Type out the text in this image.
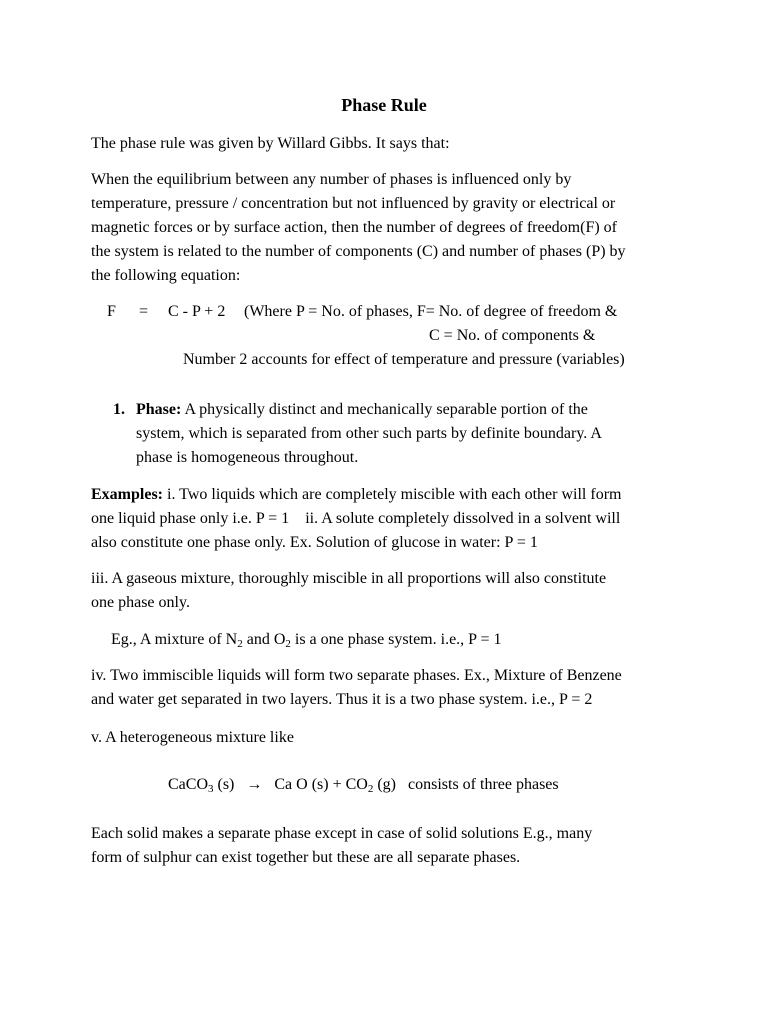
Phase Rule

The phase rule was given by Willard Gibbs. It says that:

When the equilibrium between any number of phases is influenced only by
temperature, pressure / concentration but not influenced by gravity or electrical or
magnetic forces or by surface action, then the number of degrees of freedom(F) of
the system is related to the number of components (C) and number of phases (P) by
the following equation:

F = C - P + 2 (Where P = No. of phases, F= No. of degree of freedom &
C = No. of components &
Number 2 accounts for effect of temperature and pressure (variables)
1. Phase: A physically distinct and mechanically separable portion of the
system, which is separated from other such parts by definite boundary. A
phase is homogeneous throughout.

Examples: i. Two liquids which are completely miscible with each other will form
one liquid phase only i.e. P = 1    ii. A solute completely dissolved in a solvent will
also constitute one phase only. Ex. Solution of glucose in water: P = 1

iii. A gaseous mixture, thoroughly miscible in all proportions will also constitute
one phase only.

Eg., A mixture of $N_2$ and $O_2$ is a one phase system. i.e., P = 1

iv. Two immiscible liquids will form two separate phases. Ex., Mixture of Benzene
and water get separated in two layers. Thus it is a two phase system. i.e., P = 2

v. A heterogeneous mixture like

CaCO$_3$ (s)   →   Ca O $(s) + CO_2$ (g)   consists of three phases

Each solid makes a separate phase except in case of solid solutions E.g., many
form of sulphur can exist together but these are all separate phases.
